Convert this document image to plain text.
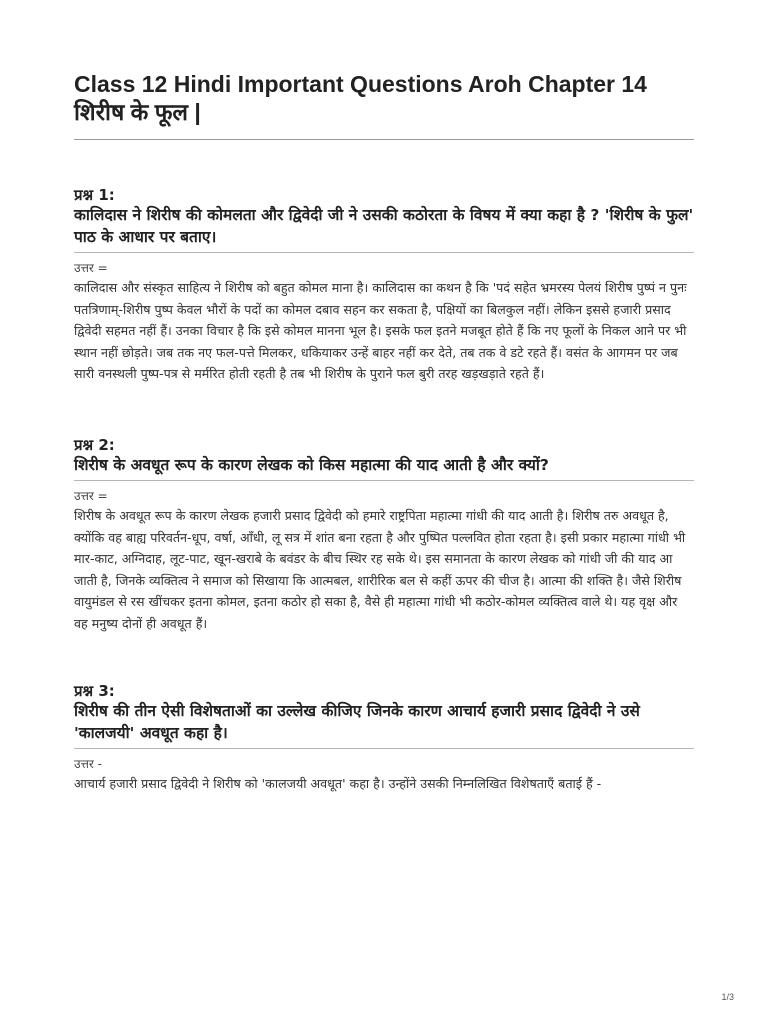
Class 12 Hindi Important Questions Aroh Chapter 14
शिरीष के फूल |

प्रश्न 1:

कालिदास ने शिरीष की कोमलता और द्विवेदी जी ने उसकी कठोरता के विषय में क्या कहा है ? 'शिरीष के फुल' पाठ के आधार पर बताए।

उत्तर =

कालिदास और संस्कृत साहित्य ने शिरीष को बहुत कोमल माना है। कालिदास का कथन है कि 'पदं सहेत भ्रमरस्य पेलयं शिरीष पुष्पं न पुनः पतत्रिणाम्-शिरीष पुष्प केवल भौरों के पदों का कोमल दबाव सहन कर सकता है, पक्षियों का बिलकुल नहीं। लेकिन इससे हजारी प्रसाद द्विवेदी सहमत नहीं हैं। उनका विचार है कि इसे कोमल मानना भूल है। इसके फल इतने मजबूत होते हैं कि नए फूलों के निकल आने पर भी स्थान नहीं छोड़ते। जब तक नए फल-पत्ते मिलकर, धकियाकर उन्हें बाहर नहीं कर देते, तब तक वे डटे रहते हैं। वसंत के आगमन पर जब सारी वनस्थली पुष्प-पत्र से मर्मरित होती रहती है तब भी शिरीष के पुराने फल बुरी तरह खड़खड़ाते रहते हैं।

प्रश्न 2:

शिरीष के अवधूत रूप के कारण लेखक को किस महात्मा की याद आती है और क्यों?

उत्तर =

शिरीष के अवधूत रूप के कारण लेखक हजारी प्रसाद द्विवेदी को हमारे राष्ट्रपिता महात्मा गांधी की याद आती है। शिरीष तरु अवधूत है, क्योंकि वह बाह्य परिवर्तन-धूप, वर्षा, आँधी, लू सत्र में शांत बना रहता है और पुष्पित पल्लवित होता रहता है। इसी प्रकार महात्मा गांधी भी मार-काट, अग्निदाह, लूट-पाट, खून-खराबे के बवंडर के बीच स्थिर रह सके थे। इस समानता के कारण लेखक को गांधी जी की याद आ जाती है, जिनके व्यक्तित्व ने समाज को सिखाया कि आत्मबल, शारीरिक बल से कहीं ऊपर की चीज है। आत्मा की शक्ति है। जैसे शिरीष वायुमंडल से रस खींचकर इतना कोमल, इतना कठोर हो सका है, वैसे ही महात्मा गांधी भी कठोर-कोमल व्यक्तित्व वाले थे। यह वृक्ष और वह मनुष्य दोनों ही अवधूत हैं।

प्रश्न 3:

शिरीष की तीन ऐसी विशेषताओं का उल्लेख कीजिए जिनके कारण आचार्य हजारी प्रसाद द्विवेदी ने उसे 'कालजयी' अवधूत कहा है।

उत्तर -

आचार्य हजारी प्रसाद द्विवेदी ने शिरीष को 'कालजयी अवधूत' कहा है। उन्होंने उसकी निम्नलिखित विशेषताएँ बताई हैं -

1/3
